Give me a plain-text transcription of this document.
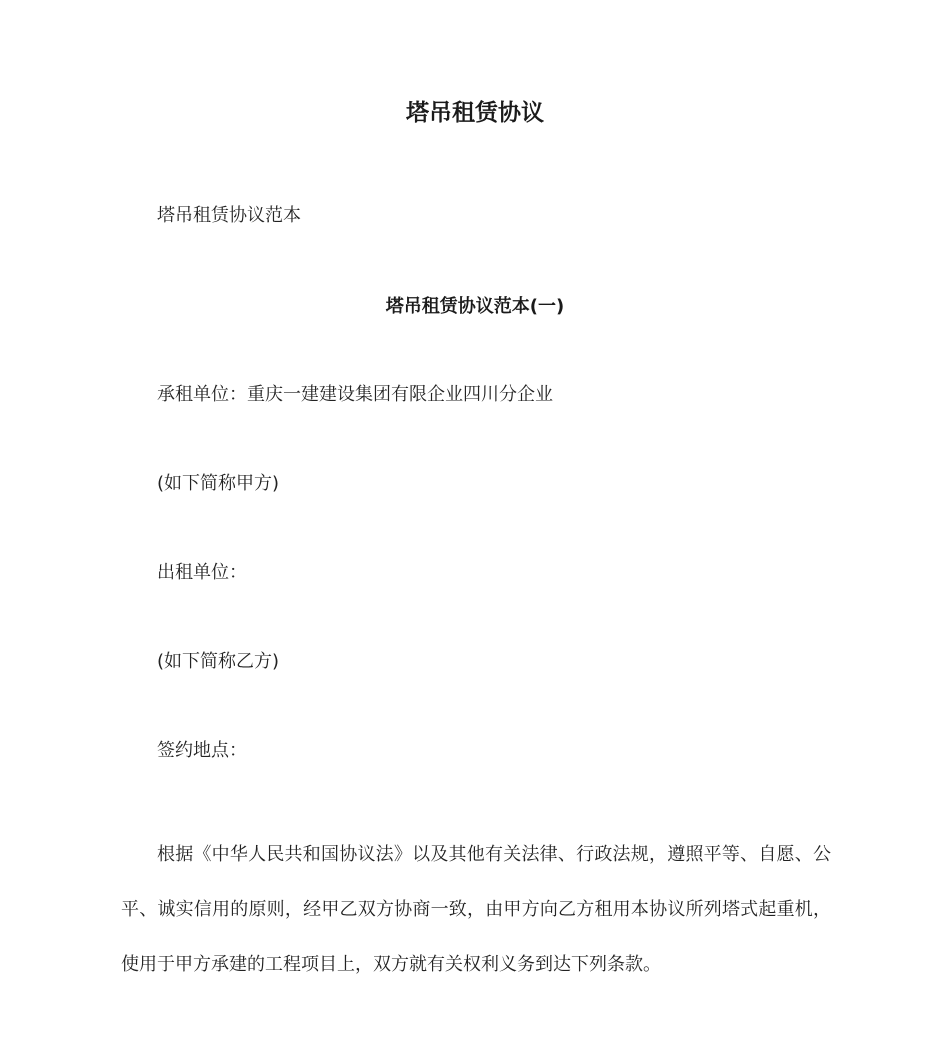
塔吊租赁协议
塔吊租赁协议范本
塔吊租赁协议范本(一)
承租单位：重庆一建建设集团有限企业四川分企业
(如下简称甲方)
出租单位：
(如下简称乙方)
签约地点：
根据《中华人民共和国协议法》以及其他有关法律、行政法规，遵照平等、自愿、公平、诚实信用的原则，经甲乙双方协商一致，由甲方向乙方租用本协议所列塔式起重机，使用于甲方承建的工程项目上，双方就有关权利义务到达下列条款。
